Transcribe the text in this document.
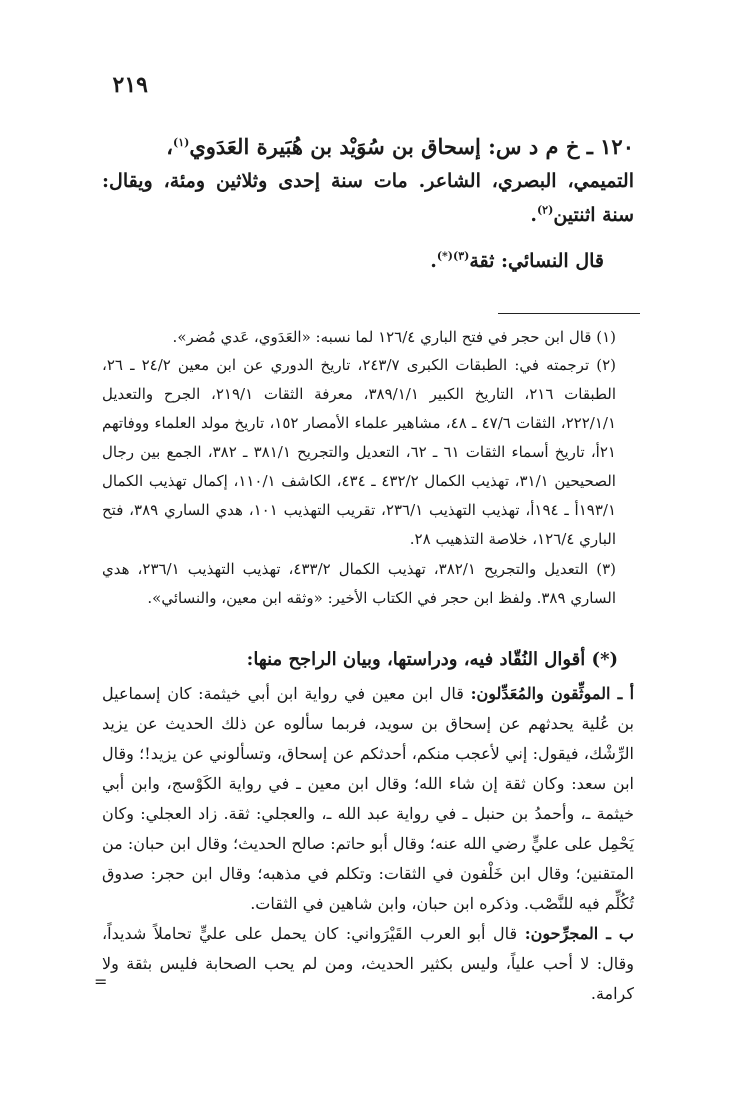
٢١٩

١٢٠ ـ خ م د س: إسحاق بن سُوَيْد بن هُبَيرة العَدَوي$^{(١)}$،

التميمي، البصري، الشاعر. مات سنة إحدى وثلاثين ومئة، ويقال: سنة اثنتين$^{(٢)}$.

قال النسائي: ثقة$^{(٣)(*)}$.

(١) قال ابن حجر في فتح الباري ١٢٦/٤ لما نسبه: «العَدَوي، عَدي مُضر».

(٢) ترجمته في: الطبقات الكبرى ٢٤٣/٧، تاريخ الدوري عن ابن معين ٢٤/٢ ـ ٢٦، الطبقات ٢١٦، التاريخ الكبير ٣٨٩/١/١، معرفة الثقات ٢١٩/١، الجرح والتعديل ٢٢٢/١/١، الثقات ٤٧/٦ ـ ٤٨، مشاهير علماء الأمصار ١٥٢، تاريخ مولد العلماء ووفاتهم ٢١أ، تاريخ أسماء الثقات ٦١ ـ ٦٢، التعديل والتجريح ٣٨١/١ ـ ٣٨٢، الجمع بين رجال الصحيحين ٣١/١، تهذيب الكمال ٤٣٢/٢ ـ ٤٣٤، الكاشف ١١٠/١، إكمال تهذيب الكمال ١٩٣/١أ ـ ١٩٤أ، تهذيب التهذيب ٢٣٦/١، تقريب التهذيب ١٠١، هدي الساري ٣٨٩، فتح الباري ١٢٦/٤، خلاصة التذهيب ٢٨.

(٣) التعديل والتجريح ٣٨٢/١، تهذيب الكمال ٤٣٣/٢، تهذيب التهذيب ٢٣٦/١، هدي الساري ٣٨٩. ولفظ ابن حجر في الكتاب الأخير: «وثقه ابن معين، والنسائي».

(*) أقوال النُقّاد فيه، ودراستها، وبيان الراجح منها:

أ ـ الموثِّقون والمُعَدِّلون: قال ابن معين في رواية ابن أبي خيثمة: كان إسماعيل بن عُلية يحدثهم عن إسحاق بن سويد، فربما سألوه عن ذلك الحديث عن يزيد الرِّشْك، فيقول: إني لأعجب منكم، أحدثكم عن إسحاق، وتسألوني عن يزيد!؛ وقال ابن سعد: وكان ثقة إن شاء الله؛ وقال ابن معين ـ في رواية الكَوْسج، وابن أبي خيثمة ـ، وأحمدُ بن حنبل ـ في رواية عبد الله ـ، والعجلي: ثقة. زاد العجلي: وكان يَحْمِل على عليٍّ رضي الله عنه؛ وقال أبو حاتم: صالح الحديث؛ وقال ابن حبان: من المتقنين؛ وقال ابن خَلْفون في الثقات: وتكلم في مذهبه؛ وقال ابن حجر: صدوق تُكُلِّم فيه للنَّصْب. وذكره ابن حبان، وابن شاهين في الثقات.

ب ـ المجرِّحون: قال أبو العرب القَيْرَواني: كان يحمل على عليٍّ تحاملاً شديداً، وقال: لا أحب علياً، وليس بكثير الحديث، ومن لم يحب الصحابة فليس بثقة ولا كرامة.

=
